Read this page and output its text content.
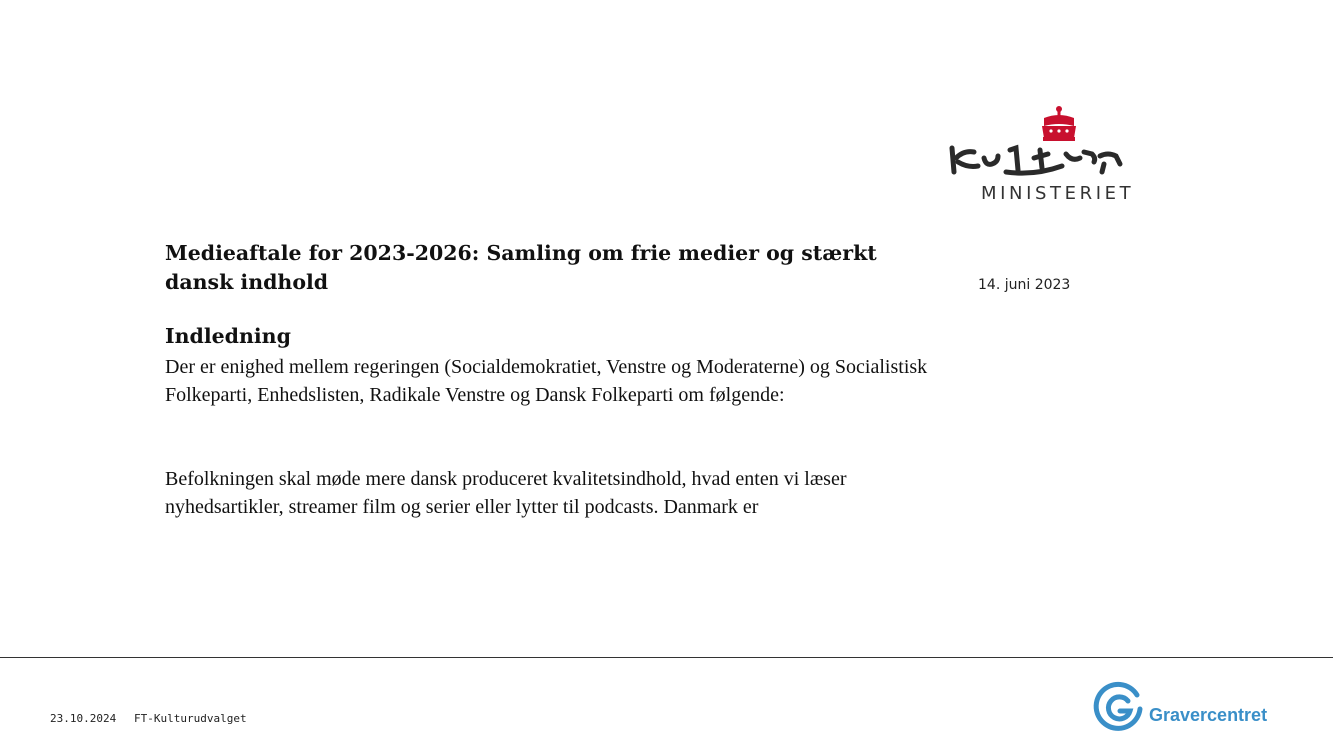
MINISTERIET
14. juni 2023
Medieaftale for 2023-2026: Samling om frie medier og stærkt dansk indhold
Indledning

Der er enighed mellem regeringen (Socialdemokratiet, Venstre og Moderaterne) og Socialistisk Folkeparti, Enhedslisten, Radikale Venstre og Dansk Folkeparti om følgende:

Befolkningen skal møde mere dansk produceret kvalitetsindhold, hvad enten vi læser nyhedsartikler, streamer film og serier eller lytter til podcasts. Danmark er

23.10.2024 FT-Kulturudvalget	Gravercentret
